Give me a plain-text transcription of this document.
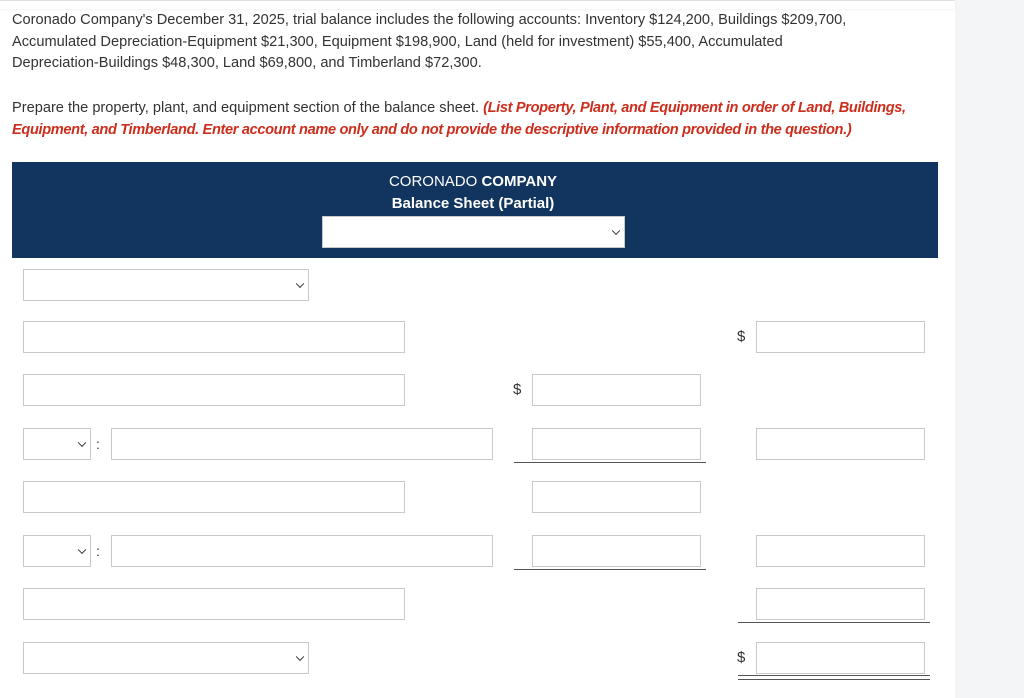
Coronado Company's December 31, 2025, trial balance includes the following accounts: Inventory $124,200, Buildings $209,700,
Accumulated Depreciation-Equipment $21,300, Equipment $198,900, Land (held for investment) $55,400, Accumulated
Depreciation-Buildings $48,300, Land $69,800, and Timberland $72,300.
Prepare the property, plant, and equipment section of the balance sheet. (List Property, Plant, and Equipment in order of Land, Buildings,
Equipment, and Timberland. Enter account name only and do not provide the descriptive information provided in the question.)
CORONADO COMPANY
Balance Sheet (Partial)
$
$
:
:
$
